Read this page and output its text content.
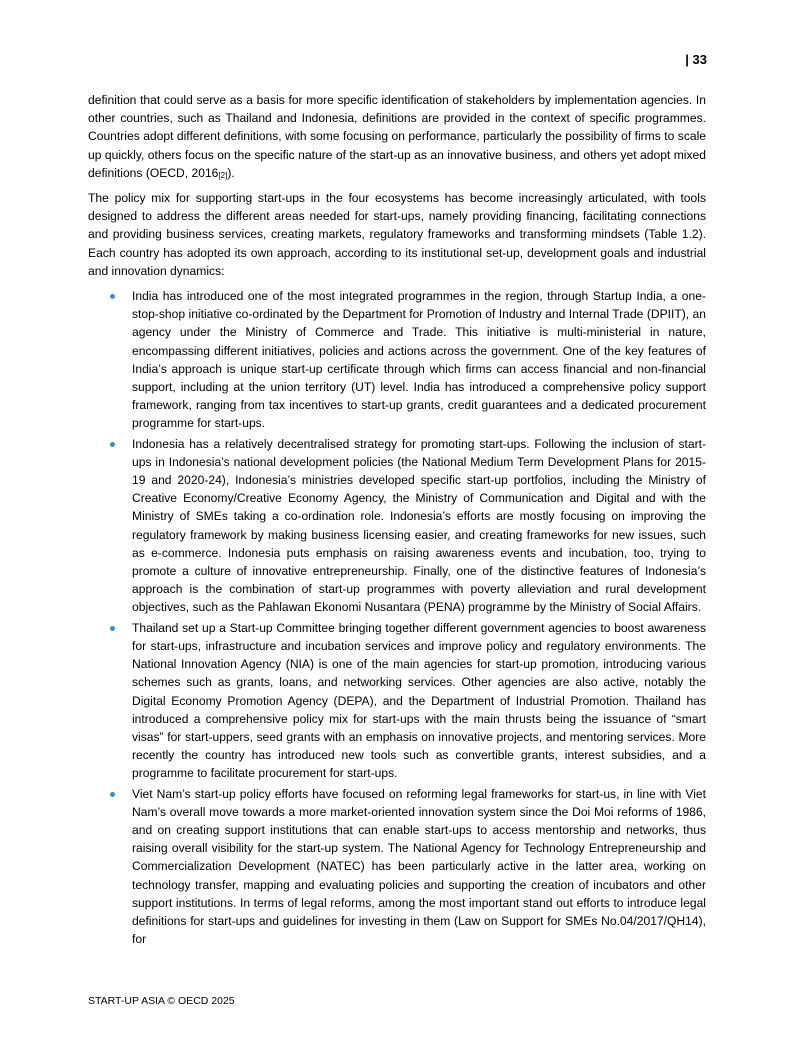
| 33

definition that could serve as a basis for more specific identification of stakeholders by implementation agencies. In other countries, such as Thailand and Indonesia, definitions are provided in the context of specific programmes. Countries adopt different definitions, with some focusing on performance, particularly the possibility of firms to scale up quickly, others focus on the specific nature of the start-up as an innovative business, and others yet adopt mixed definitions (OECD, $2016_{[2]}$).

The policy mix for supporting start-ups in the four ecosystems has become increasingly articulated, with tools designed to address the different areas needed for start-ups, namely providing financing, facilitating connections and providing business services, creating markets, regulatory frameworks and transforming mindsets (Table 1.2). Each country has adopted its own approach, according to its institutional set-up, development goals and industrial and innovation dynamics:

India has introduced one of the most integrated programmes in the region, through Startup India, a one-stop-shop initiative co-ordinated by the Department for Promotion of Industry and Internal Trade (DPIIT), an agency under the Ministry of Commerce and Trade. This initiative is multi-ministerial in nature, encompassing different initiatives, policies and actions across the government. One of the key features of India’s approach is unique start-up certificate through which firms can access financial and non-financial support, including at the union territory (UT) level. India has introduced a comprehensive policy support framework, ranging from tax incentives to start-up grants, credit guarantees and a dedicated procurement programme for start-ups.
Indonesia has a relatively decentralised strategy for promoting start-ups. Following the inclusion of start-ups in Indonesia’s national development policies (the National Medium Term Development Plans for 2015-19 and 2020-24), Indonesia’s ministries developed specific start-up portfolios, including the Ministry of Creative Economy/Creative Economy Agency, the Ministry of Communication and Digital and with the Ministry of SMEs taking a co-ordination role. Indonesia’s efforts are mostly focusing on improving the regulatory framework by making business licensing easier, and creating frameworks for new issues, such as e-commerce. Indonesia puts emphasis on raising awareness events and incubation, too, trying to promote a culture of innovative entrepreneurship. Finally, one of the distinctive features of Indonesia’s approach is the combination of start-up programmes with poverty alleviation and rural development objectives, such as the Pahlawan Ekonomi Nusantara (PENA) programme by the Ministry of Social Affairs.
Thailand set up a Start-up Committee bringing together different government agencies to boost awareness for start-ups, infrastructure and incubation services and improve policy and regulatory environments. The National Innovation Agency (NIA) is one of the main agencies for start-up promotion, introducing various schemes such as grants, loans, and networking services. Other agencies are also active, notably the Digital Economy Promotion Agency (DEPA), and the Department of Industrial Promotion. Thailand has introduced a comprehensive policy mix for start-ups with the main thrusts being the issuance of “smart visas” for start-uppers, seed grants with an emphasis on innovative projects, and mentoring services. More recently the country has introduced new tools such as convertible grants, interest subsidies, and a programme to facilitate procurement for start-ups.
Viet Nam’s start-up policy efforts have focused on reforming legal frameworks for start-us, in line with Viet Nam’s overall move towards a more market-oriented innovation system since the Doi Moi reforms of 1986, and on creating support institutions that can enable start-ups to access mentorship and networks, thus raising overall visibility for the start-up system. The National Agency for Technology Entrepreneurship and Commercialization Development (NATEC) has been particularly active in the latter area, working on technology transfer, mapping and evaluating policies and supporting the creation of incubators and other support institutions. In terms of legal reforms, among the most important stand out efforts to introduce legal definitions for start-ups and guidelines for investing in them (Law on Support for SMEs No.04/2017/QH14), for
START-UP ASIA © OECD 2025
